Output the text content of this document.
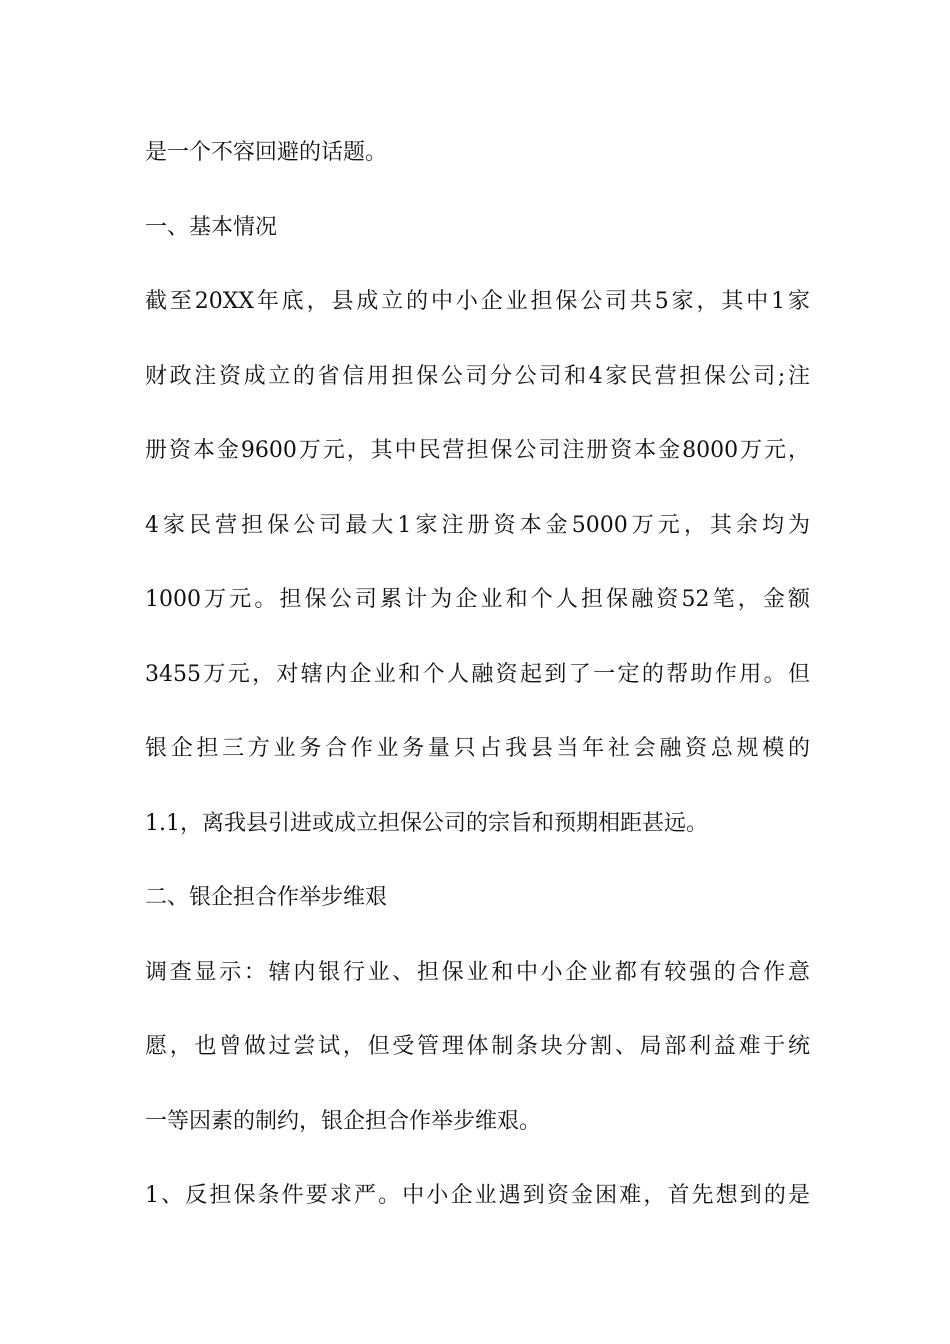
是一个不容回避的话题。
一、基本情况
截至20XX年底，县成立的中小企业担保公司共5家，其中1家
财政注资成立的省信用担保公司分公司和4家民营担保公司;注
册资本金9600万元，其中民营担保公司注册资本金8000万元，
4家民营担保公司最大1家注册资本金5000万元，其余均为
1000万元。担保公司累计为企业和个人担保融资52笔，金额
3455万元，对辖内企业和个人融资起到了一定的帮助作用。但
银企担三方业务合作业务量只占我县当年社会融资总规模的
1.1，离我县引进或成立担保公司的宗旨和预期相距甚远。
二、银企担合作举步维艰
调查显示：辖内银行业、担保业和中小企业都有较强的合作意
愿，也曾做过尝试，但受管理体制条块分割、局部利益难于统
一等因素的制约，银企担合作举步维艰。
1、反担保条件要求严。中小企业遇到资金困难，首先想到的是
